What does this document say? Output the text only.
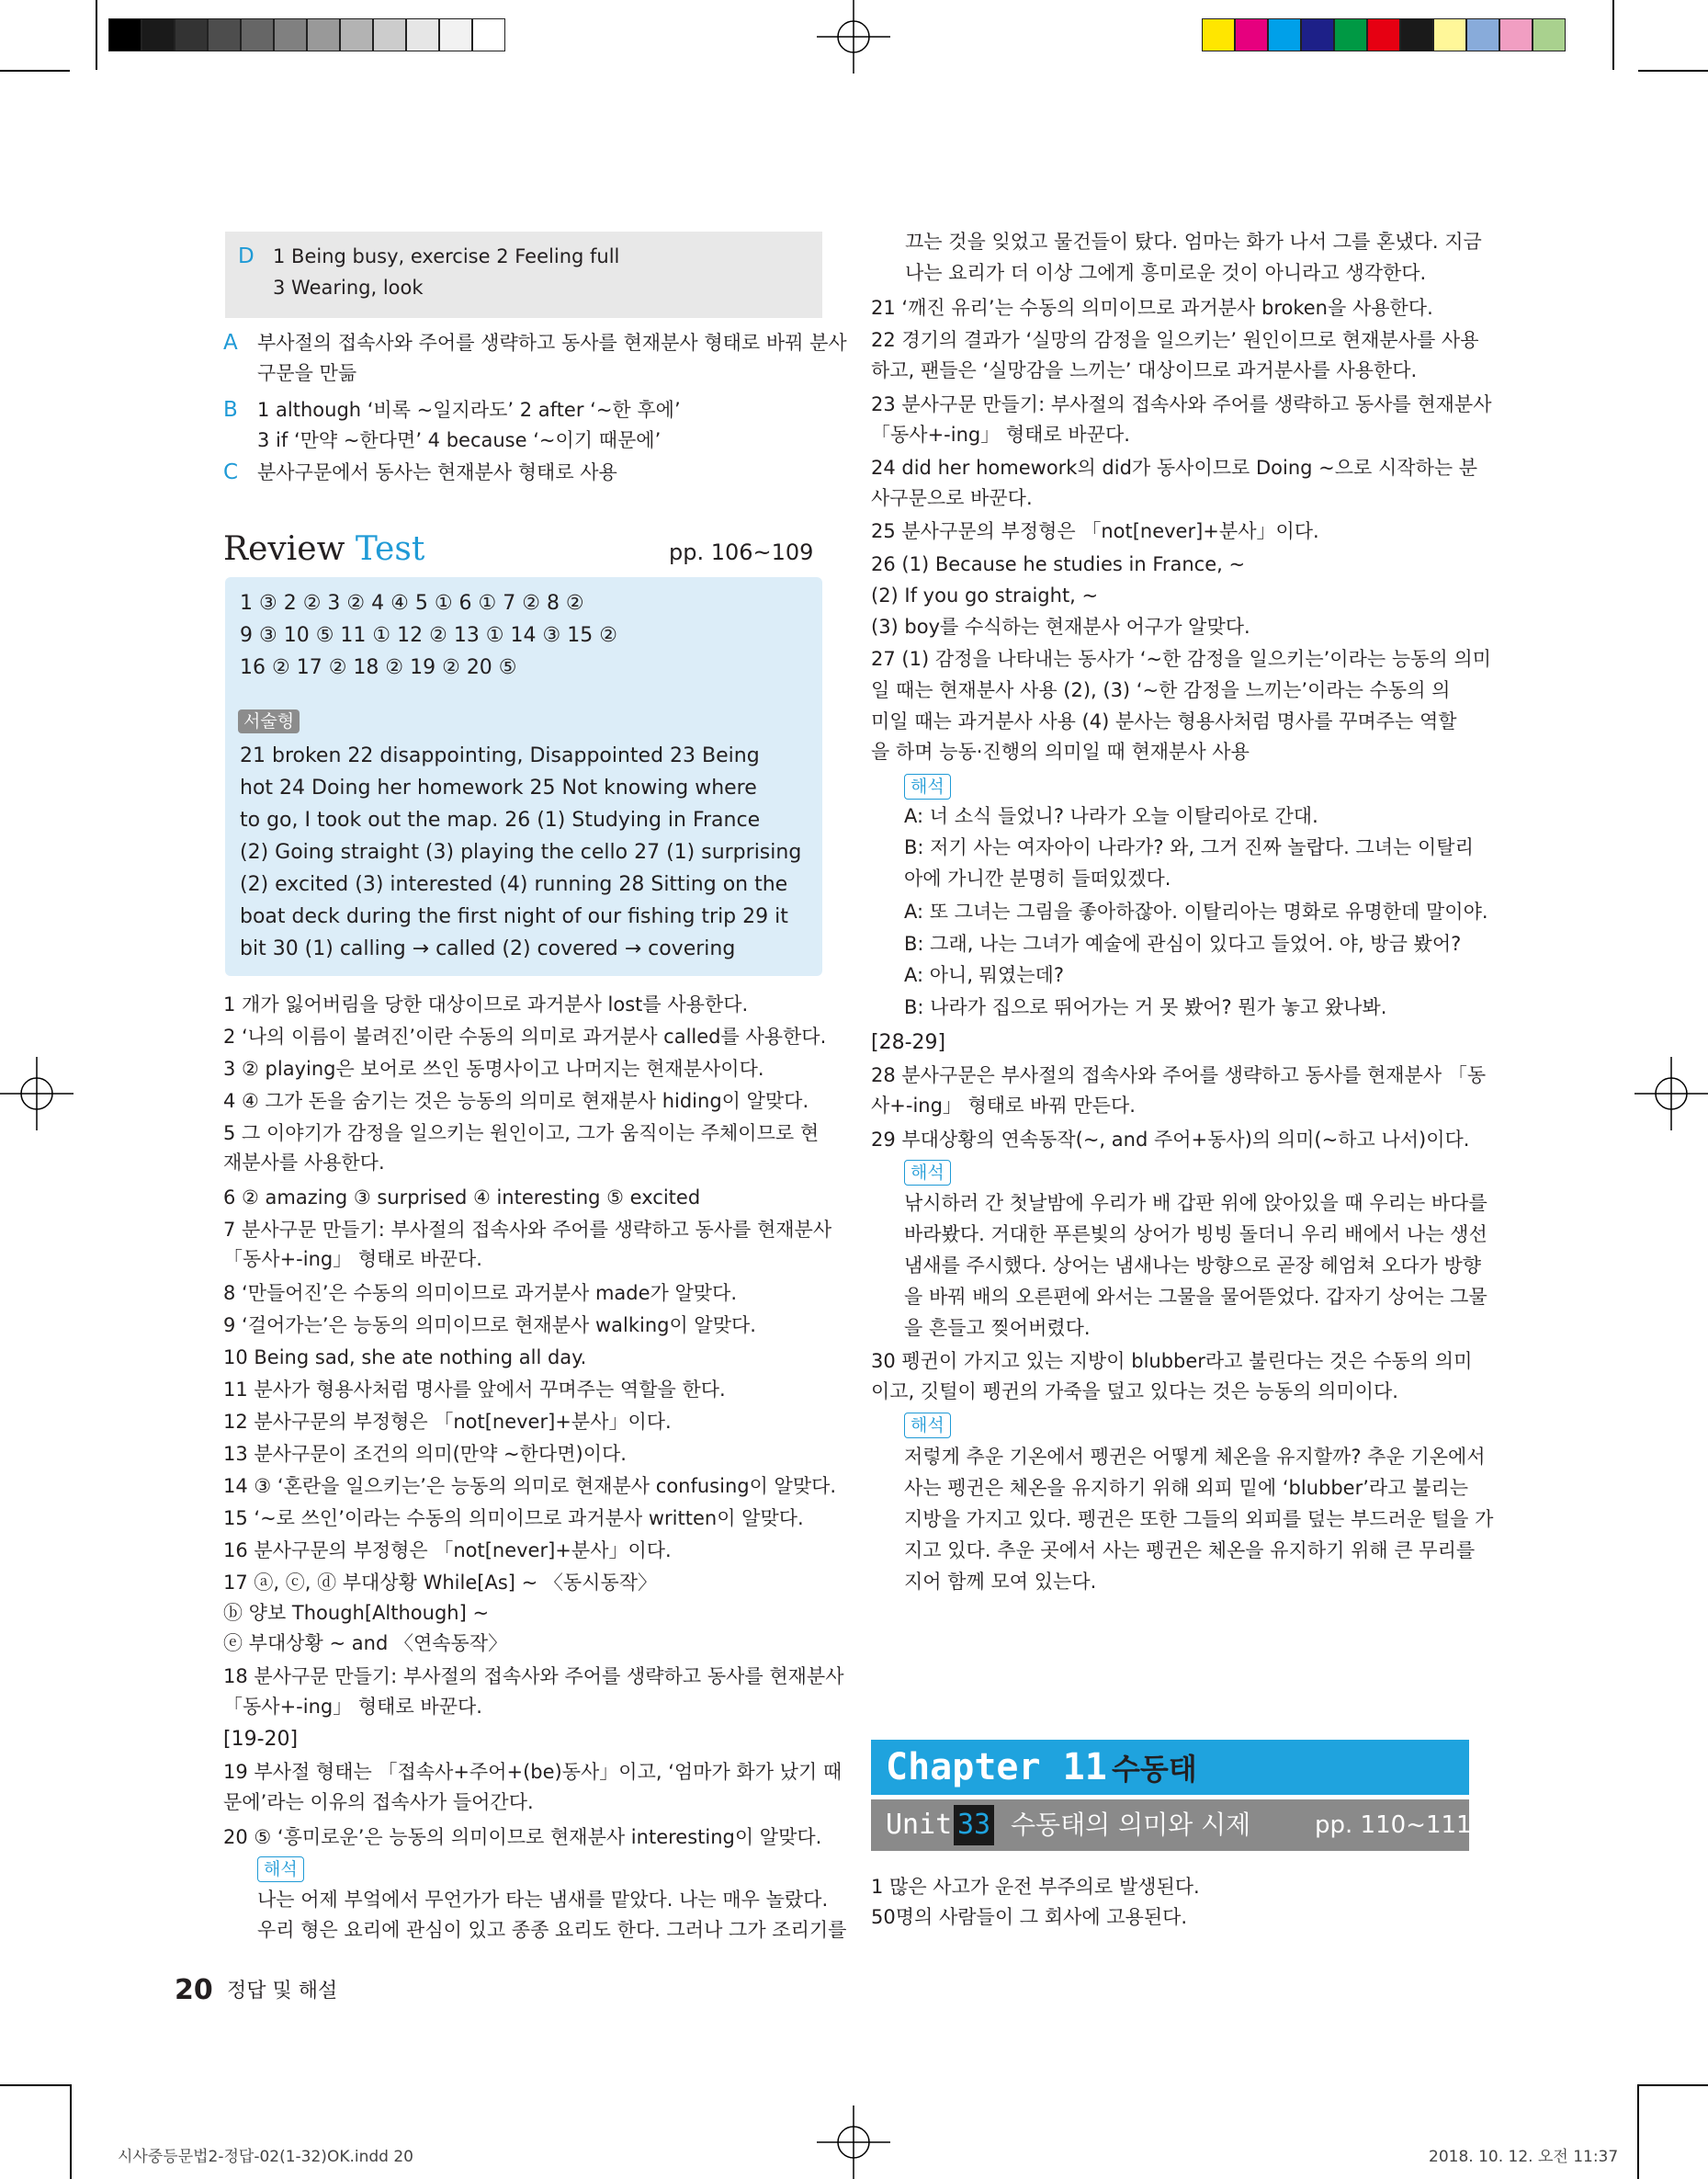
D 1 Being busy, exercise 2 Feeling full
3 Wearing, look
A 부사절의 접속사와 주어를 생략하고 동사를 현재분사 형태로 바꿔 분사
구문을 만듦
B 1 although ‘비록 ~일지라도’ 2 after ‘~한 후에’
3 if ‘만약 ~한다면’ 4 because ‘~이기 때문에’
C 분사구문에서 동사는 현재분사 형태로 사용
Review Test	pp. 106~109
1 ③ 2 ② 3 ② 4 ④ 5 ① 6 ① 7 ② 8 ②
9 ③ 10 ⑤ 11 ① 12 ② 13 ① 14 ③ 15 ②
16 ② 17 ② 18 ② 19 ② 20 ⑤
서술형
21 broken 22 disappointing, Disappointed 23 Being
hot 24 Doing her homework 25 Not knowing where
to go, I took out the map. 26 (1) Studying in France
(2) Going straight (3) playing the cello 27 (1) surprising
(2) excited (3) interested (4) running 28 Sitting on the
boat deck during the first night of our fishing trip 29 it
bit 30 (1) calling → called (2) covered → covering
1 개가 잃어버림을 당한 대상이므로 과거분사 lost를 사용한다.
2 ‘나의 이름이 불려진’이란 수동의 의미로 과거분사 called를 사용한다.
3 ② playing은 보어로 쓰인 동명사이고 나머지는 현재분사이다.
4 ④ 그가 돈을 숨기는 것은 능동의 의미로 현재분사 hiding이 알맞다.
5 그 이야기가 감정을 일으키는 원인이고, 그가 움직이는 주체이므로 현
재분사를 사용한다.
6 ② amazing ③ surprised ④ interesting ⑤ excited
7 분사구문 만들기: 부사절의 접속사와 주어를 생략하고 동사를 현재분사
「동사+-ing」 형태로 바꾼다.
8 ‘만들어진’은 수동의 의미이므로 과거분사 made가 알맞다.
9 ‘걸어가는’은 능동의 의미이므로 현재분사 walking이 알맞다.
10 Being sad, she ate nothing all day.
11 분사가 형용사처럼 명사를 앞에서 꾸며주는 역할을 한다.
12 분사구문의 부정형은 「not[never]+분사」이다.
13 분사구문이 조건의 의미(만약 ~한다면)이다.
14 ③ ‘혼란을 일으키는’은 능동의 의미로 현재분사 confusing이 알맞다.
15 ‘~로 쓰인’이라는 수동의 의미이므로 과거분사 written이 알맞다.
16 분사구문의 부정형은 「not[never]+분사」이다.
17 ⓐ, ⓒ, ⓓ 부대상황 While[As] ~ 〈동시동작〉
ⓑ 양보 Though[Although] ~
ⓔ 부대상황 ~ and 〈연속동작〉
18 분사구문 만들기: 부사절의 접속사와 주어를 생략하고 동사를 현재분사
「동사+-ing」 형태로 바꾼다.
[19-20]
19 부사절 형태는 「접속사+주어+(be)동사」이고, ‘엄마가 화가 났기 때
문에’라는 이유의 접속사가 들어간다.
20 ⑤ ‘흥미로운’은 능동의 의미이므로 현재분사 interesting이 알맞다.
해석
나는 어제 부엌에서 무언가가 타는 냄새를 맡았다. 나는 매우 놀랐다.
우리 형은 요리에 관심이 있고 종종 요리도 한다. 그러나 그가 조리기를
끄는 것을 잊었고 물건들이 탔다. 엄마는 화가 나서 그를 혼냈다. 지금
나는 요리가 더 이상 그에게 흥미로운 것이 아니라고 생각한다.
21 ‘깨진 유리’는 수동의 의미이므로 과거분사 broken을 사용한다.
22 경기의 결과가 ‘실망의 감정을 일으키는’ 원인이므로 현재분사를 사용
하고, 팬들은 ‘실망감을 느끼는’ 대상이므로 과거분사를 사용한다.
23 분사구문 만들기: 부사절의 접속사와 주어를 생략하고 동사를 현재분사
「동사+-ing」 형태로 바꾼다.
24 did her homework의 did가 동사이므로 Doing ~으로 시작하는 분
사구문으로 바꾼다.
25 분사구문의 부정형은 「not[never]+분사」이다.
26 (1) Because he studies in France, ~
(2) If you go straight, ~
(3) boy를 수식하는 현재분사 어구가 알맞다.
27 (1) 감정을 나타내는 동사가 ‘~한 감정을 일으키는’이라는 능동의 의미
일 때는 현재분사 사용 (2), (3) ‘~한 감정을 느끼는’이라는 수동의 의
미일 때는 과거분사 사용 (4) 분사는 형용사처럼 명사를 꾸며주는 역할
을 하며 능동·진행의 의미일 때 현재분사 사용
해석
A: 너 소식 들었니? 나라가 오늘 이탈리아로 간대.
B: 저기 사는 여자아이 나라가? 와, 그거 진짜 놀랍다. 그녀는 이탈리
아에 가니깐 분명히 들떠있겠다.
A: 또 그녀는 그림을 좋아하잖아. 이탈리아는 명화로 유명한데 말이야.
B: 그래, 나는 그녀가 예술에 관심이 있다고 들었어. 야, 방금 봤어?
A: 아니, 뭐였는데?
B: 나라가 집으로 뛰어가는 거 못 봤어? 뭔가 놓고 왔나봐.
[28-29]
28 분사구문은 부사절의 접속사와 주어를 생략하고 동사를 현재분사 「동
사+-ing」 형태로 바꿔 만든다.
29 부대상황의 연속동작(~, and 주어+동사)의 의미(~하고 나서)이다.
해석
낚시하러 간 첫날밤에 우리가 배 갑판 위에 앉아있을 때 우리는 바다를
바라봤다. 거대한 푸른빛의 상어가 빙빙 돌더니 우리 배에서 나는 생선
냄새를 주시했다. 상어는 냄새나는 방향으로 곧장 헤엄쳐 오다가 방향
을 바꿔 배의 오른편에 와서는 그물을 물어뜯었다. 갑자기 상어는 그물
을 흔들고 찢어버렸다.
30 펭귄이 가지고 있는 지방이 blubber라고 불린다는 것은 수동의 의미
이고, 깃털이 펭귄의 가죽을 덮고 있다는 것은 능동의 의미이다.
해석
저렇게 추운 기온에서 펭귄은 어떻게 체온을 유지할까? 추운 기온에서
사는 펭귄은 체온을 유지하기 위해 외피 밑에 ‘blubber’라고 불리는
지방을 가지고 있다. 펭귄은 또한 그들의 외피를 덮는 부드러운 털을 가
지고 있다. 추운 곳에서 사는 펭귄은 체온을 유지하기 위해 큰 무리를
지어 함께 모여 있는다.
Chapter 11 수동태
Unit 33 수동태의 의미와 시제	pp. 110~111
1 많은 사고가 운전 부주의로 발생된다.
50명의 사람들이 그 회사에 고용된다.
20 정답 및 해설
시사중등문법2-정답-02(1-32)OK.indd 20	2018. 10. 12. 오전 11:37
